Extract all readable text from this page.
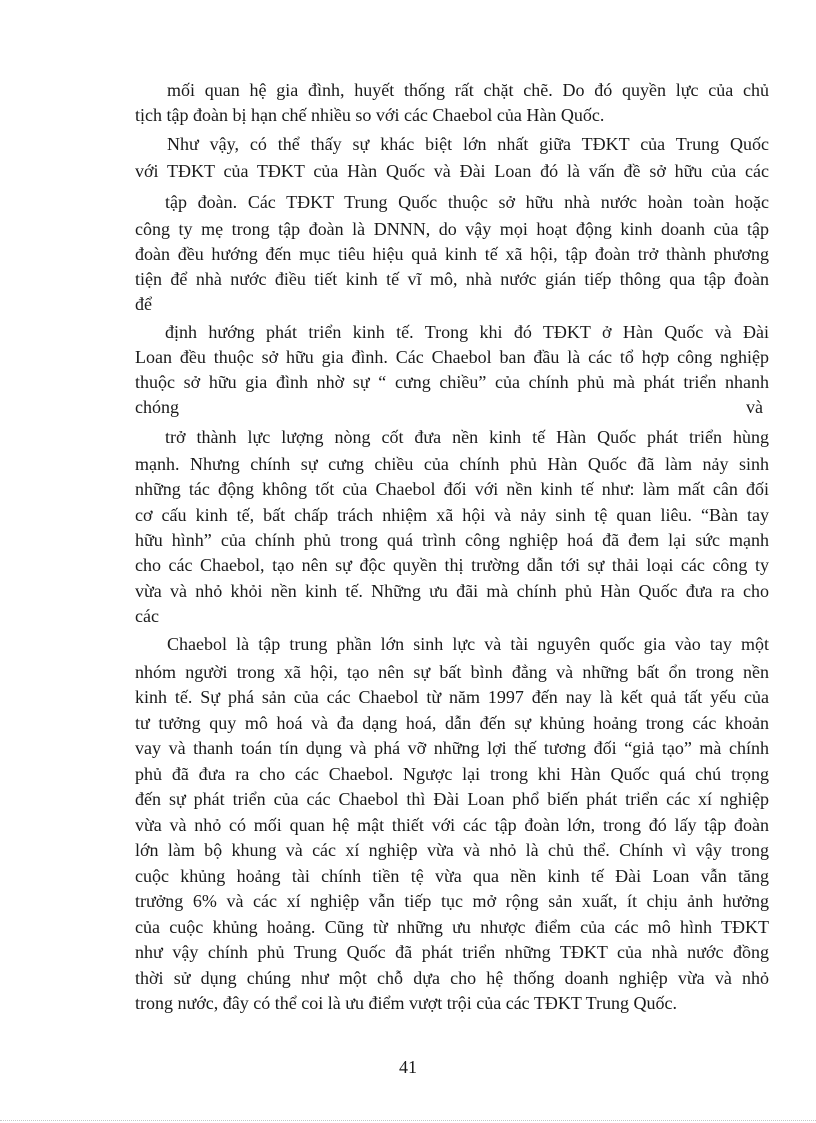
mối quan hệ gia đình, huyết thống rất chặt chẽ. Do đó quyền lực của chủ
tịch tập đoàn bị hạn chế nhiều so với các Chaebol của Hàn Quốc.
Như vậy, có thể thấy sự khác biệt lớn nhất giữa TĐKT của Trung Quốc
với TĐKT của TĐKT của Hàn Quốc và Đài Loan đó là vấn đề sở hữu của các
tập đoàn. Các TĐKT Trung Quốc thuộc sở hữu nhà nước hoàn toàn hoặc
công ty mẹ trong tập đoàn là DNNN, do vậy mọi hoạt động kinh doanh của tập
đoàn đều hướng đến mục tiêu hiệu quả kinh tế xã hội, tập đoàn trở thành phương
tiện để nhà nước điều tiết kinh tế vĩ mô, nhà nước gián tiếp thông qua tập đoàn
để
định hướng phát triển kinh tế. Trong khi đó TĐKT ở Hàn Quốc và Đài
Loan đều thuộc sở hữu gia đình. Các Chaebol ban đầu là các tổ hợp công nghiệp
thuộc sở hữu gia đình nhờ sự “ cưng chiều” của chính phủ mà phát triển nhanh
chóng	và
trở thành lực lượng nòng cốt đưa nền kinh tế Hàn Quốc phát triển hùng
mạnh. Nhưng chính sự cưng chiều của chính phủ Hàn Quốc đã làm nảy sinh
những tác động không tốt của Chaebol đối với nền kinh tế như: làm mất cân đối
cơ cấu kinh tế, bất chấp trách nhiệm xã hội và nảy sinh tệ quan liêu. “Bàn tay
hữu hình” của chính phủ trong quá trình công nghiệp hoá đã đem lại sức mạnh
cho các Chaebol, tạo nên sự độc quyền thị trường dẫn tới sự thải loại các công ty
vừa và nhỏ khỏi nền kinh tế. Những ưu đãi mà chính phủ Hàn Quốc đưa ra cho
các
Chaebol là tập trung phần lớn sinh lực và tài nguyên quốc gia vào tay một
nhóm người trong xã hội, tạo nên sự bất bình đẳng và những bất ổn trong nền
kinh tế. Sự phá sản của các Chaebol từ năm 1997 đến nay là kết quả tất yếu của
tư tưởng quy mô hoá và đa dạng hoá, dẫn đến sự khủng hoảng trong các khoản
vay và thanh toán tín dụng và phá vỡ những lợi thế tương đối “giả tạo” mà chính
phủ đã đưa ra cho các Chaebol. Ngược lại trong khi Hàn Quốc quá chú trọng
đến sự phát triển của các Chaebol thì Đài Loan phổ biến phát triển các xí nghiệp
vừa và nhỏ có mối quan hệ mật thiết với các tập đoàn lớn, trong đó lấy tập đoàn
lớn làm bộ khung và các xí nghiệp vừa và nhỏ là chủ thể. Chính vì vậy trong
cuộc khủng hoảng tài chính tiền tệ vừa qua nền kinh tế Đài Loan vẫn tăng
trưởng 6% và các xí nghiệp vẫn tiếp tục mở rộng sản xuất, ít chịu ảnh hưởng
của cuộc khủng hoảng. Cũng từ những ưu nhược điểm của các mô hình TĐKT
như vậy chính phủ Trung Quốc đã phát triển những TĐKT của nhà nước đồng
thời sử dụng chúng như một chỗ dựa cho hệ thống doanh nghiệp vừa và nhỏ
trong nước, đây có thể coi là ưu điểm vượt trội của các TĐKT Trung Quốc.
41
